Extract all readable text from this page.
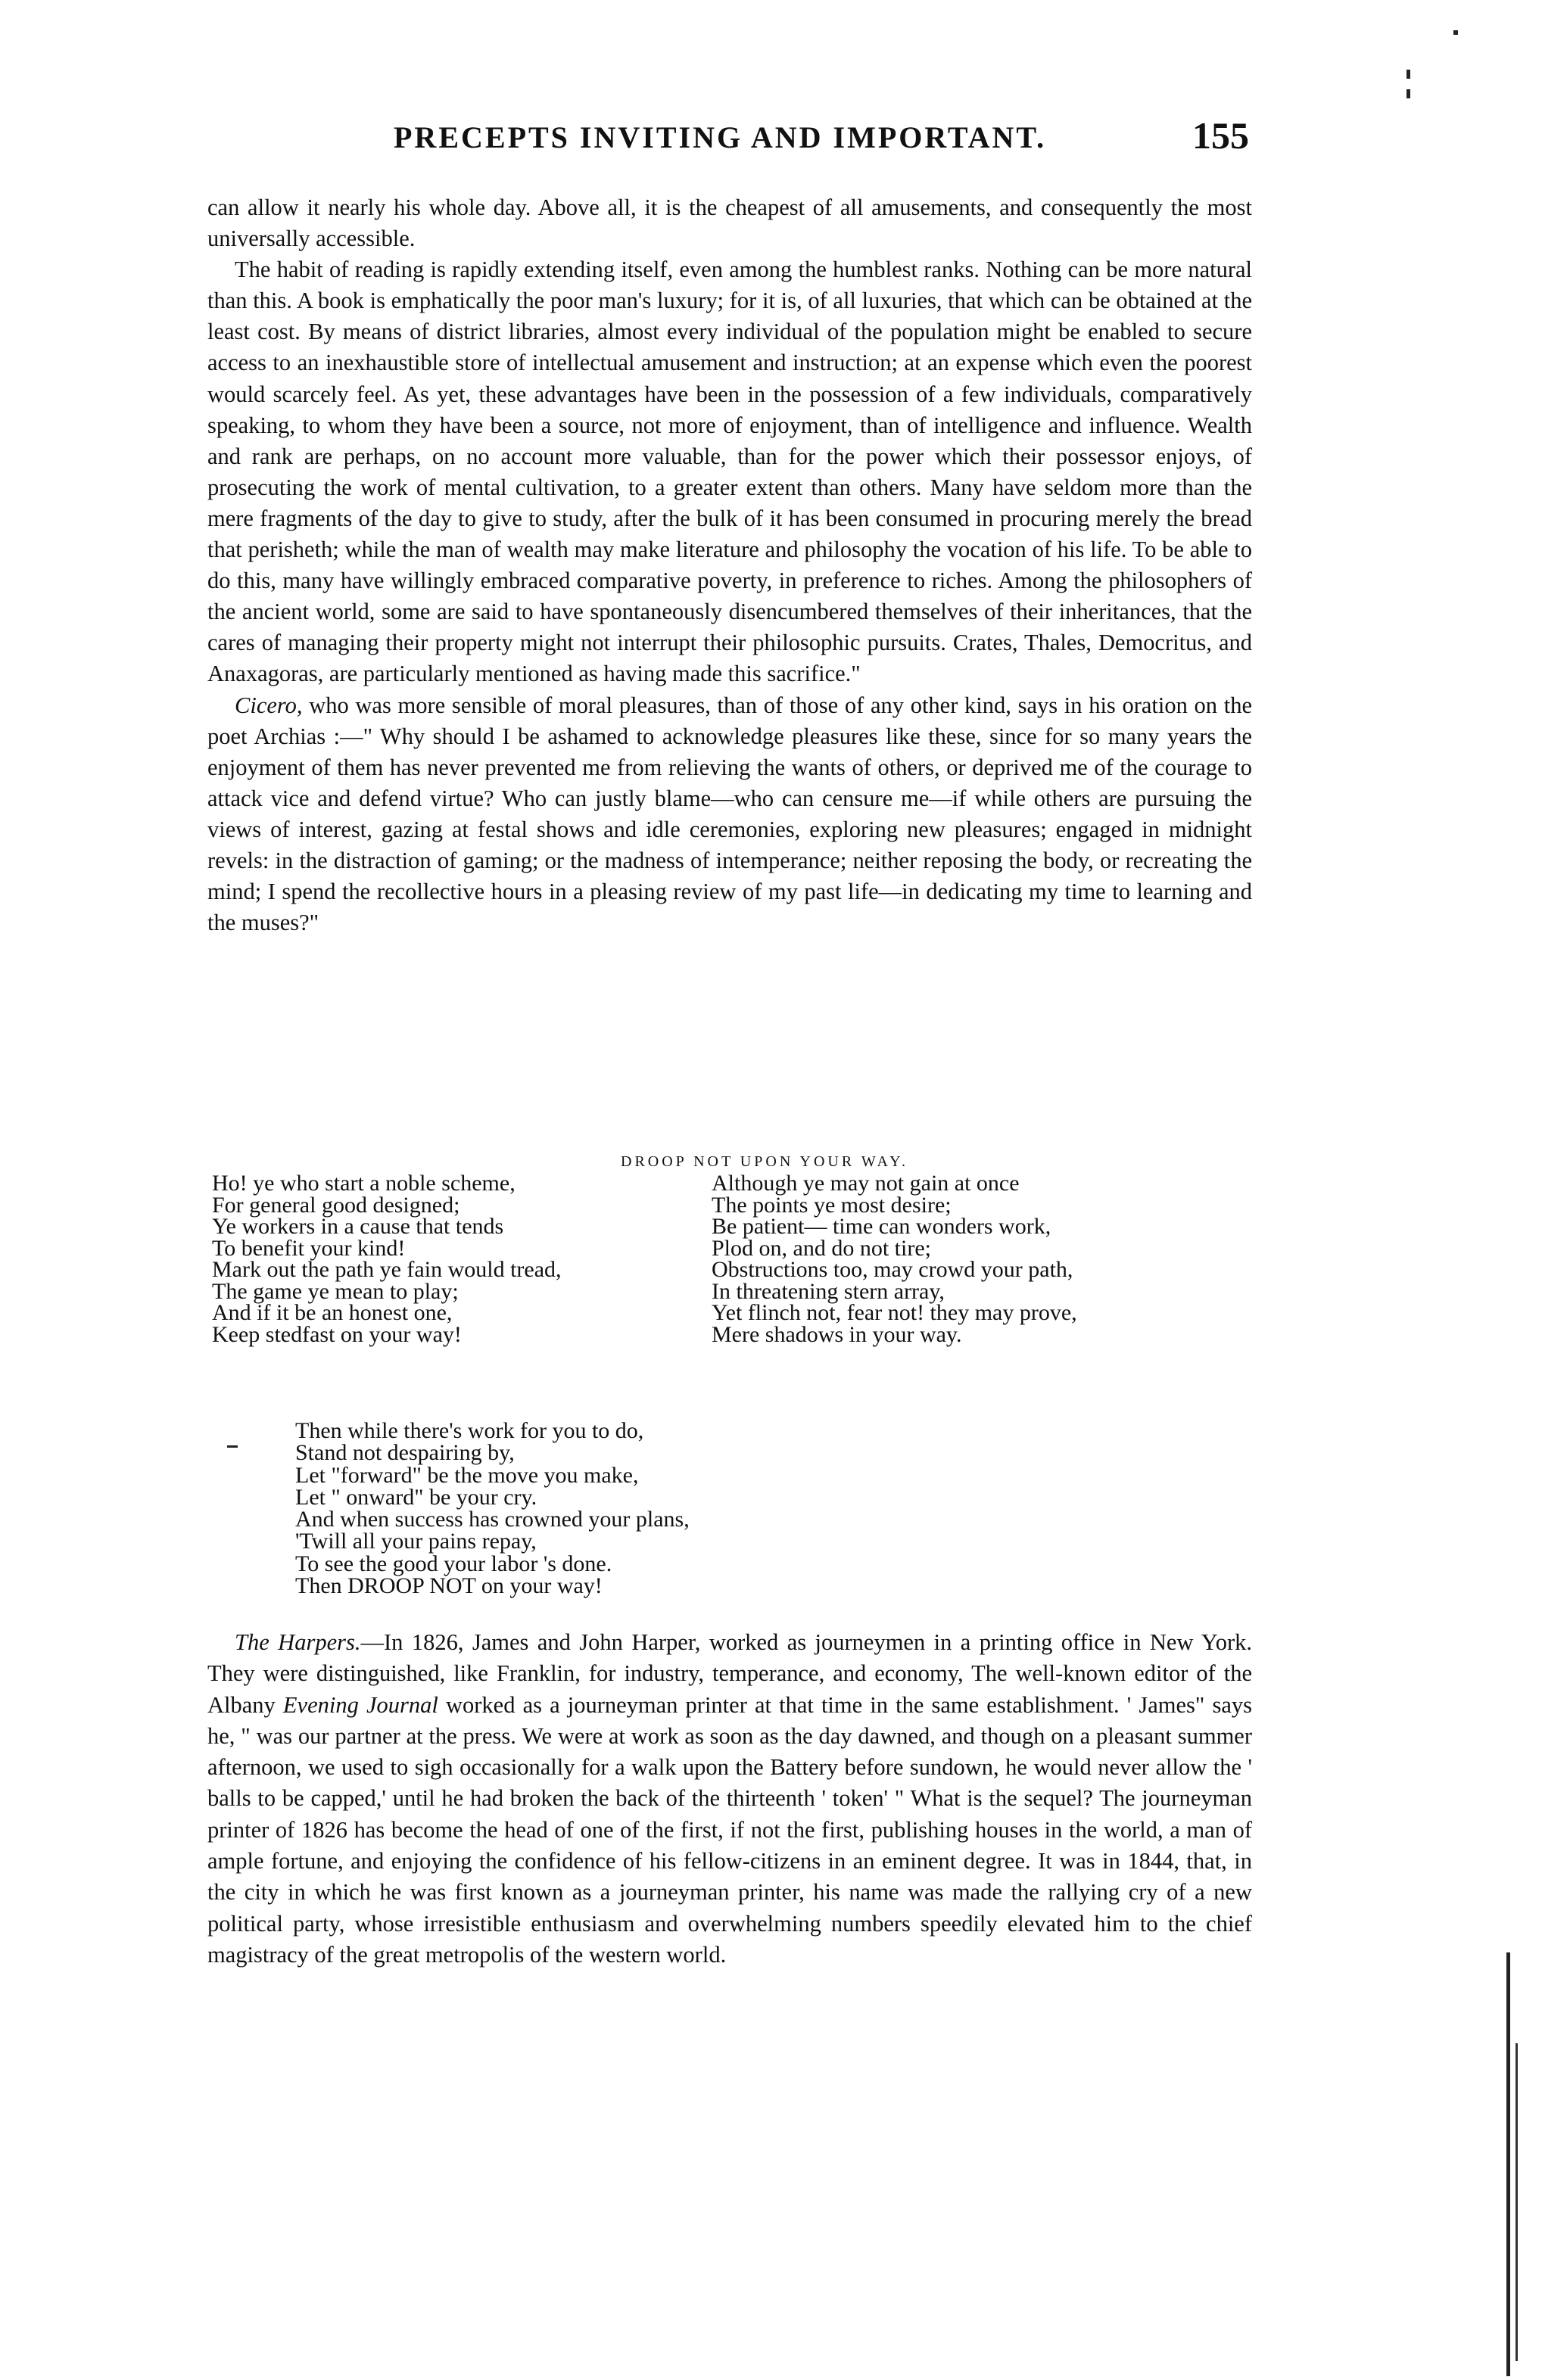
PRECEPTS INVITING AND IMPORTANT.	155

can allow it nearly his whole day. Above all, it is the cheapest of all amusements, and consequently the most universally accessible.

The habit of reading is rapidly extending itself, even among the humblest ranks. Nothing can be more natural than this. A book is emphatically the poor man's luxury; for it is, of all luxuries, that which can be obtained at the least cost. By means of district libraries, almost every individual of the population might be enabled to secure access to an inexhaustible store of intellectual amusement and instruction; at an expense which even the poorest would scarcely feel. As yet, these advantages have been in the possession of a few individuals, comparatively speaking, to whom they have been a source, not more of enjoyment, than of intelligence and influence. Wealth and rank are perhaps, on no account more valuable, than for the power which their possessor enjoys, of prosecuting the work of mental cultivation, to a greater extent than others. Many have seldom more than the mere fragments of the day to give to study, after the bulk of it has been consumed in procuring merely the bread that perisheth; while the man of wealth may make literature and philosophy the vocation of his life. To be able to do this, many have willingly embraced comparative poverty, in preference to riches. Among the philosophers of the ancient world, some are said to have spontaneously disencumbered themselves of their inheritances, that the cares of managing their property might not interrupt their philosophic pursuits. Crates, Thales, Democritus, and Anaxagoras, are particularly mentioned as having made this sacrifice."

Cicero, who was more sensible of moral pleasures, than of those of any other kind, says in his oration on the poet Archias :—" Why should I be ashamed to acknowledge pleasures like these, since for so many years the enjoyment of them has never prevented me from relieving the wants of others, or deprived me of the courage to attack vice and defend virtue? Who can justly blame—who can censure me—if while others are pursuing the views of interest, gazing at festal shows and idle ceremonies, exploring new pleasures; engaged in midnight revels: in the distraction of gaming; or the madness of intemperance; neither reposing the body, or recreating the mind; I spend the recollective hours in a pleasing review of my past life—in dedicating my time to learning and the muses?"

DROOP NOT UPON YOUR WAY.
Ho! ye who start a noble scheme,
For general good designed;
Ye workers in a cause that tends
To benefit your kind!
Mark out the path ye fain would tread,
The game ye mean to play;
And if it be an honest one,
Keep stedfast on your way!
Although ye may not gain at once
The points ye most desire;
Be patient— time can wonders work,
Plod on, and do not tire;
Obstructions too, may crowd your path,
In threatening stern array,
Yet flinch not, fear not! they may prove,
Mere shadows in your way.
Then while there's work for you to do,
Stand not despairing by,
Let "forward" be the move you make,
Let " onward" be your cry.
And when success has crowned your plans,
'Twill all your pains repay,
To see the good your labor 's done.
Then DROOP NOT on your way!

The Harpers.—In 1826, James and John Harper, worked as journeymen in a printing office in New York. They were distinguished, like Franklin, for industry, temperance, and economy, The well-known editor of the Albany Evening Journal worked as a journeyman printer at that time in the same establishment. ' James" says he, " was our partner at the press. We were at work as soon as the day dawned, and though on a pleasant summer afternoon, we used to sigh occasionally for a walk upon the Battery before sundown, he would never allow the ' balls to be capped,' until he had broken the back of the thirteenth ' token' " What is the sequel? The journeyman printer of 1826 has become the head of one of the first, if not the first, publishing houses in the world, a man of ample fortune, and enjoying the confidence of his fellow-citizens in an eminent degree. It was in 1844, that, in the city in which he was first known as a journeyman printer, his name was made the rallying cry of a new political party, whose irresistible enthusiasm and overwhelming numbers speedily elevated him to the chief magistracy of the great metropolis of the western world.
